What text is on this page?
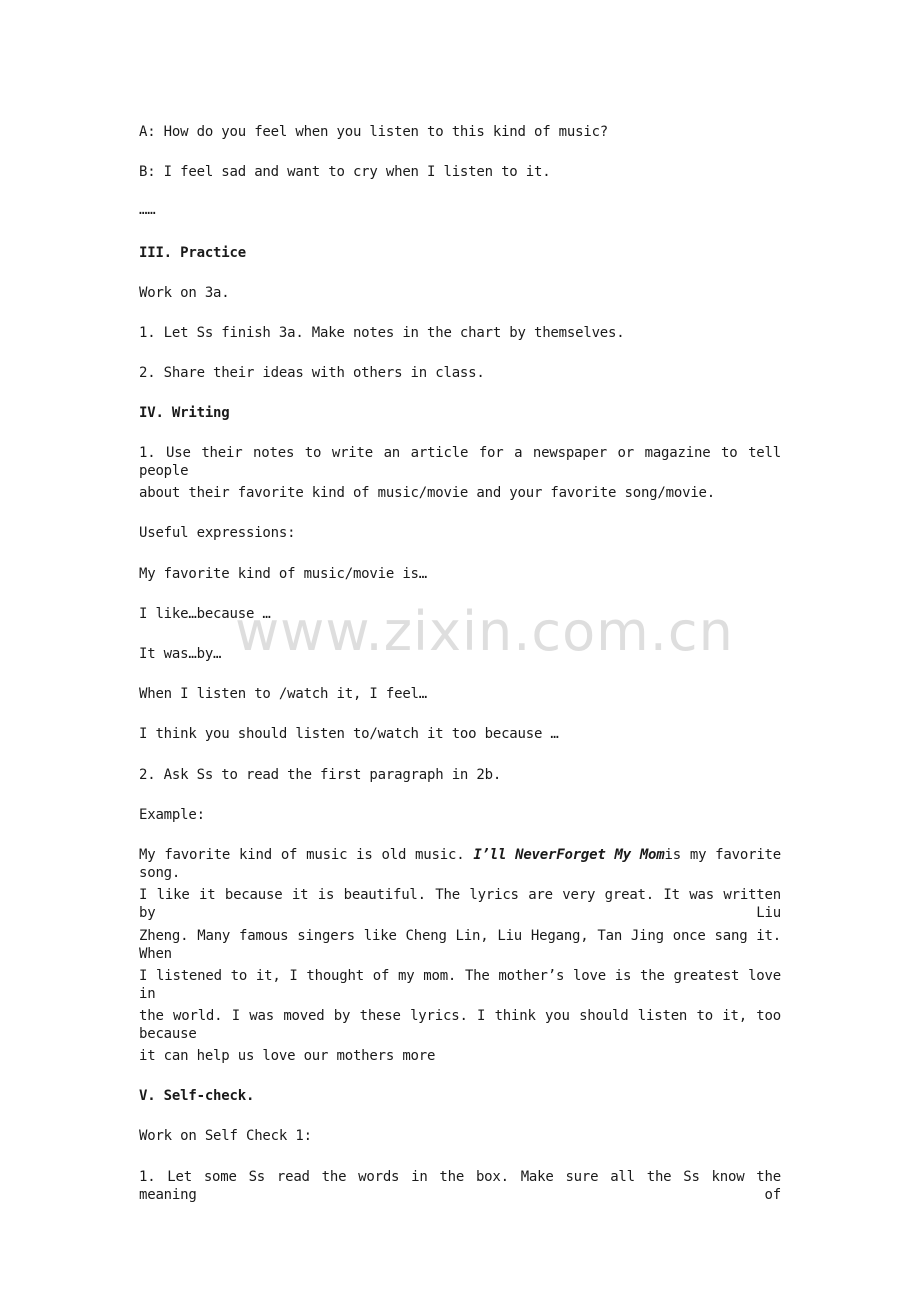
A: How do you feel when you listen to this kind of music?
B: I feel sad and want to cry when I listen to it.
……
III. Practice
Work on 3a.
1. Let Ss finish 3a. Make notes in the chart by themselves.
2. Share their ideas with others in class.
IV. Writing
1. Use their notes to write an article for a newspaper or magazine to tell people
about their favorite kind of music/movie and your favorite song/movie.
Useful expressions:
My favorite kind of music/movie is…
I like…because …
It was…by…
When I listen to /watch it, I feel…
I think you should listen to/watch it too because …
2. Ask Ss to read the first paragraph in 2b.
Example:
My favorite kind of music is old music. I’ll NeverForget My Momis my favorite song.
I like it because it is beautiful. The lyrics are very great. It was written by Liu
Zheng. Many famous singers like Cheng Lin, Liu Hegang, Tan Jing once sang it. When
I listened to it, I thought of my mom. The mother’s love is the greatest love in
the world. I was moved by these lyrics. I think you should listen to it, too because
it can help us love our mothers more
V. Self-check.
Work on Self Check 1:
1. Let some Ss read the words in the box. Make sure all the Ss know the meaning of
www.zixin.com.cn
